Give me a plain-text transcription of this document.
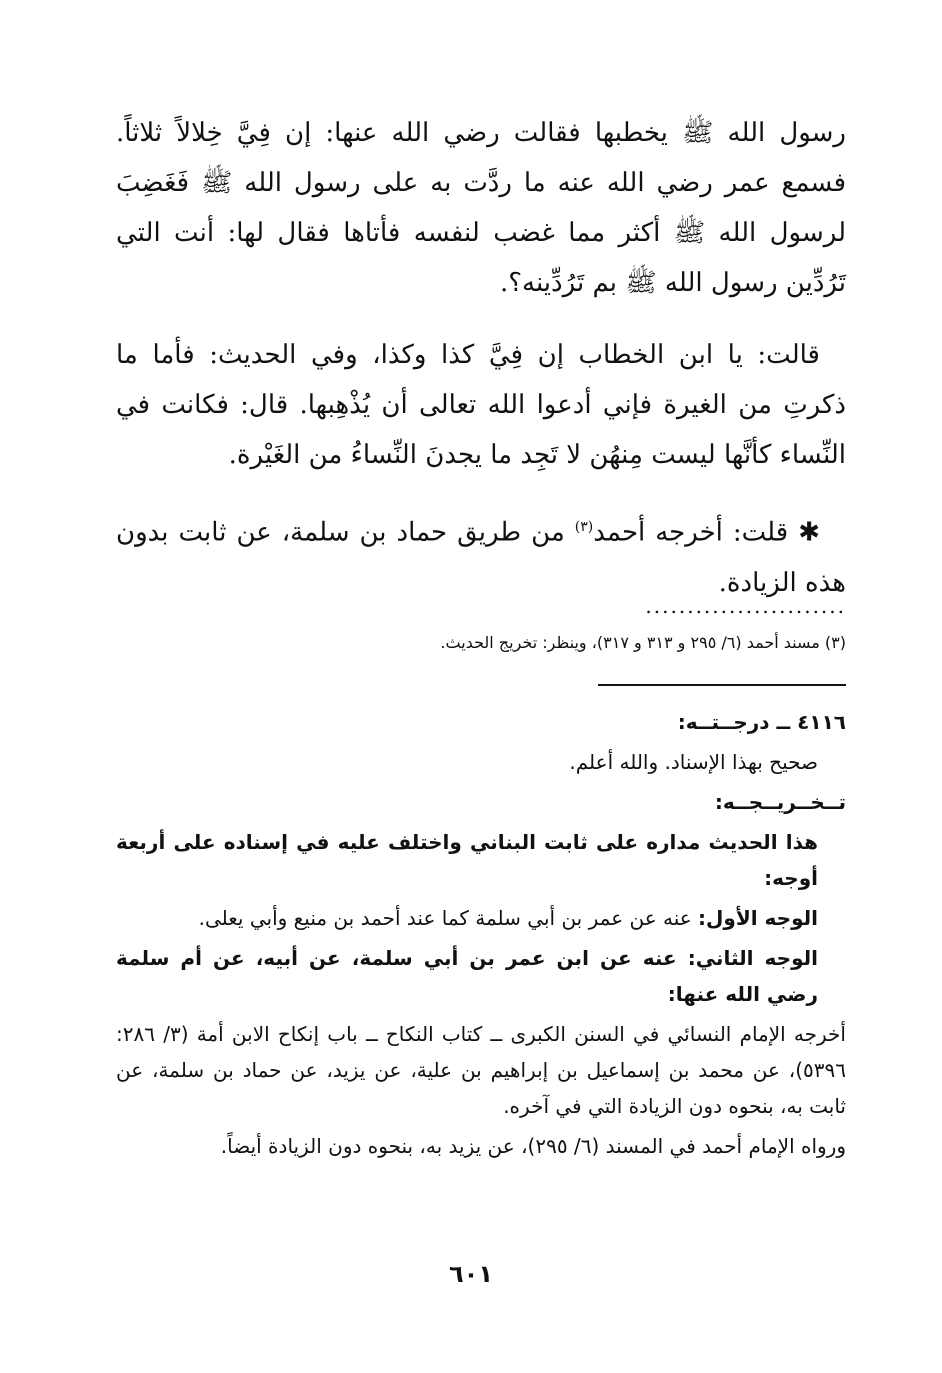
رسول الله ﷺ يخطبها فقالت رضي الله عنها: إن فِيَّ خِلالاً ثلاثاً. فسمع عمر رضي الله عنه ما ردَّت به على رسول الله ﷺ فَغَضِبَ لرسول الله ﷺ أكثر مما غضب لنفسه فأتاها فقال لها: أنت التي تَرُدِّين رسول الله ﷺ بم تَرُدِّينه؟.

قالت: يا ابن الخطاب إن فِيَّ كذا وكذا، وفي الحديث: فأما ما ذكرتِ من الغيرة فإني أدعوا الله تعالى أن يُذْهِبها. قال: فكانت في النِّساء كأنَّها ليست مِنهُن لا تَجِد ما يجدنَ النِّساءُ من الغَيْرة.

✱ قلت: أخرجه أحمد$^{(٣)}$ من طريق حماد بن سلمة، عن ثابت بدون هذه الزيادة.

........................
(٣) مسند أحمد (٦/ ٢٩٥ و ٣١٣ و ٣١٧)، وينظر: تخريج الحديث.

٤١١٦ ــ درجــتــه:

صحيح بهذا الإسناد. والله أعلم.

تــخــريــجــه:

هذا الحديث مداره على ثابت البناني واختلف عليه في إسناده على أربعة أوجه:

الوجه الأول: عنه عن عمر بن أبي سلمة كما عند أحمد بن منيع وأبي يعلى.

الوجه الثاني: عنه عن ابن عمر بن أبي سلمة، عن أبيه، عن أم سلمة رضي الله عنها:

أخرجه الإمام النسائي في السنن الكبرى ــ كتاب النكاح ــ باب إنكاح الابن أمة (٣/ ٢٨٦: ٥٣٩٦)، عن محمد بن إسماعيل بن إبراهيم بن علية، عن يزيد، عن حماد بن سلمة، عن ثابت به، بنحوه دون الزيادة التي في آخره.

ورواه الإمام أحمد في المسند (٦/ ٢٩٥)، عن يزيد به، بنحوه دون الزيادة أيضاً.

٦٠١
